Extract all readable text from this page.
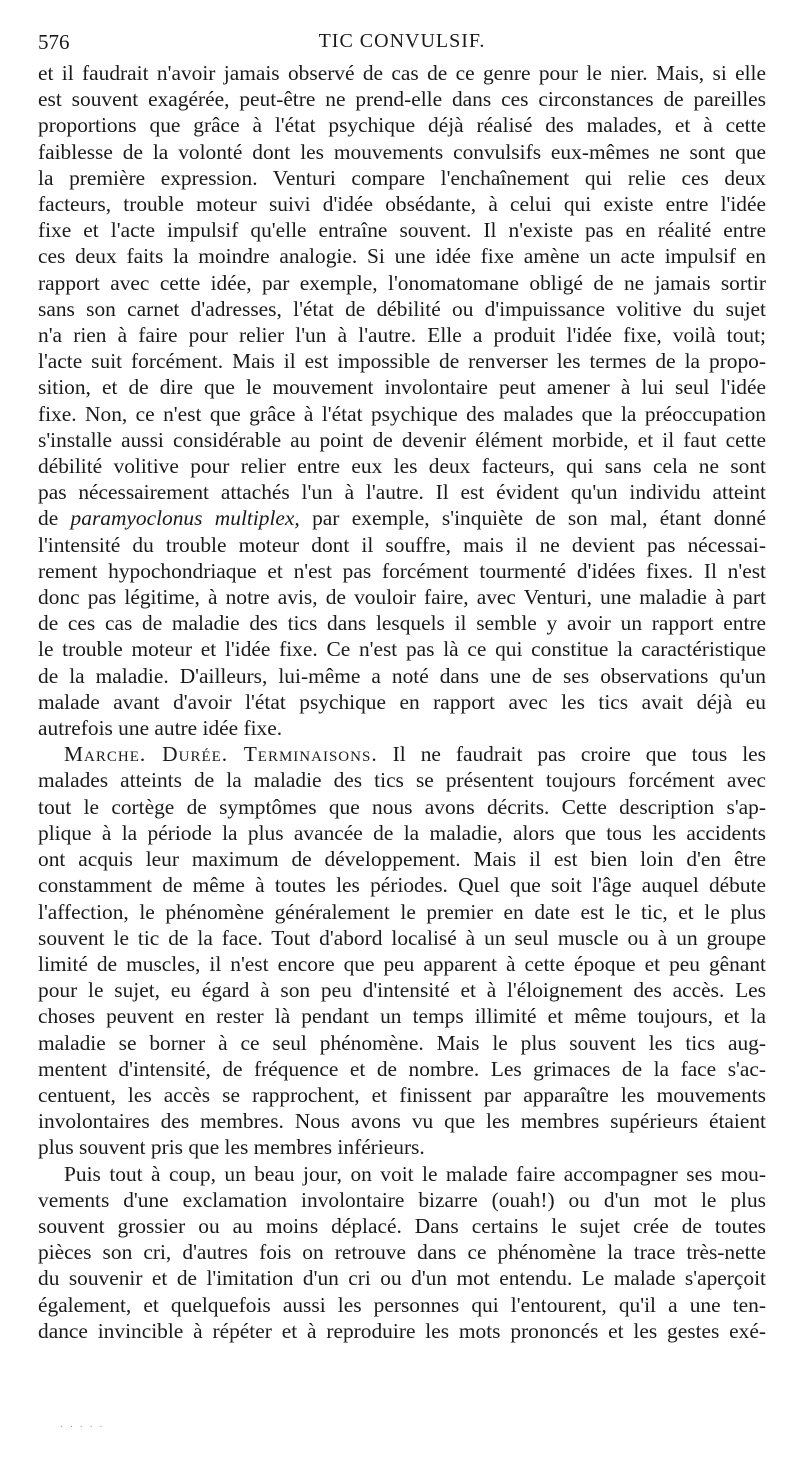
576	TIC CONVULSIF.
et il faudrait n'avoir jamais observé de cas de ce genre pour le nier. Mais, si elle
est souvent exagérée, peut-être ne prend-elle dans ces circonstances de pareilles
proportions que grâce à l'état psychique déjà réalisé des malades, et à cette
faiblesse de la volonté dont les mouvements convulsifs eux-mêmes ne sont que
la première expression. Venturi compare l'enchaînement qui relie ces deux
facteurs, trouble moteur suivi d'idée obsédante, à celui qui existe entre l'idée
fixe et l'acte impulsif qu'elle entraîne souvent. Il n'existe pas en réalité entre
ces deux faits la moindre analogie. Si une idée fixe amène un acte impulsif en
rapport avec cette idée, par exemple, l'onomatomane obligé de ne jamais sortir
sans son carnet d'adresses, l'état de débilité ou d'impuissance volitive du sujet
n'a rien à faire pour relier l'un à l'autre. Elle a produit l'idée fixe, voilà tout;
l'acte suit forcément. Mais il est impossible de renverser les termes de la propo-
sition, et de dire que le mouvement involontaire peut amener à lui seul l'idée
fixe. Non, ce n'est que grâce à l'état psychique des malades que la préoccupation
s'installe aussi considérable au point de devenir élément morbide, et il faut cette
débilité volitive pour relier entre eux les deux facteurs, qui sans cela ne sont
pas nécessairement attachés l'un à l'autre. Il est évident qu'un individu atteint
de paramyoclonus multiplex, par exemple, s'inquiète de son mal, étant donné
l'intensité du trouble moteur dont il souffre, mais il ne devient pas nécessai-
rement hypochondriaque et n'est pas forcément tourmenté d'idées fixes. Il n'est
donc pas légitime, à notre avis, de vouloir faire, avec Venturi, une maladie à part
de ces cas de maladie des tics dans lesquels il semble y avoir un rapport entre
le trouble moteur et l'idée fixe. Ce n'est pas là ce qui constitue la caractéristique
de la maladie. D'ailleurs, lui-même a noté dans une de ses observations qu'un
malade avant d'avoir l'état psychique en rapport avec les tics avait déjà eu
autrefois une autre idée fixe.
Marche. Durée. Terminaisons. Il ne faudrait pas croire que tous les
malades atteints de la maladie des tics se présentent toujours forcément avec
tout le cortège de symptômes que nous avons décrits. Cette description s'ap-
plique à la période la plus avancée de la maladie, alors que tous les accidents
ont acquis leur maximum de développement. Mais il est bien loin d'en être
constamment de même à toutes les périodes. Quel que soit l'âge auquel débute
l'affection, le phénomène généralement le premier en date est le tic, et le plus
souvent le tic de la face. Tout d'abord localisé à un seul muscle ou à un groupe
limité de muscles, il n'est encore que peu apparent à cette époque et peu gênant
pour le sujet, eu égard à son peu d'intensité et à l'éloignement des accès. Les
choses peuvent en rester là pendant un temps illimité et même toujours, et la
maladie se borner à ce seul phénomène. Mais le plus souvent les tics aug-
mentent d'intensité, de fréquence et de nombre. Les grimaces de la face s'ac-
centuent, les accès se rapprochent, et finissent par apparaître les mouvements
involontaires des membres. Nous avons vu que les membres supérieurs étaient
plus souvent pris que les membres inférieurs.
Puis tout à coup, un beau jour, on voit le malade faire accompagner ses mou-
vements d'une exclamation involontaire bizarre (ouah!) ou d'un mot le plus
souvent grossier ou au moins déplacé. Dans certains le sujet crée de toutes
pièces son cri, d'autres fois on retrouve dans ce phénomène la trace très-nette
du souvenir et de l'imitation d'un cri ou d'un mot entendu. Le malade s'aperçoit
également, et quelquefois aussi les personnes qui l'entourent, qu'il a une ten-
dance invincible à répéter et à reproduire les mots prononcés et les gestes exé-
· · · · ·
